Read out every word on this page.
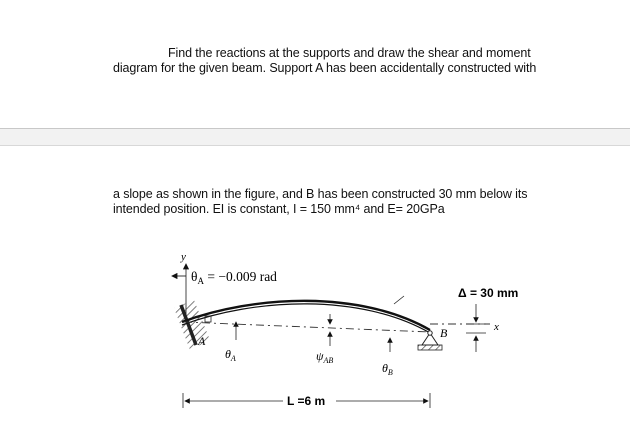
Find the reactions at the supports and draw the shear and moment
diagram for the given beam. Support A has been accidentally constructed with
a slope as shown in the figure, and B has been constructed 30 mm below its
intended position. EI is constant, I = 150 mm⁴ and E= 20GPa
y
x
$\theta_A = -0.009$ rad
A
$\theta_A$	$\psi_{AB}$
$\theta_B$
B
Δ = 30 mm
L =6 m
